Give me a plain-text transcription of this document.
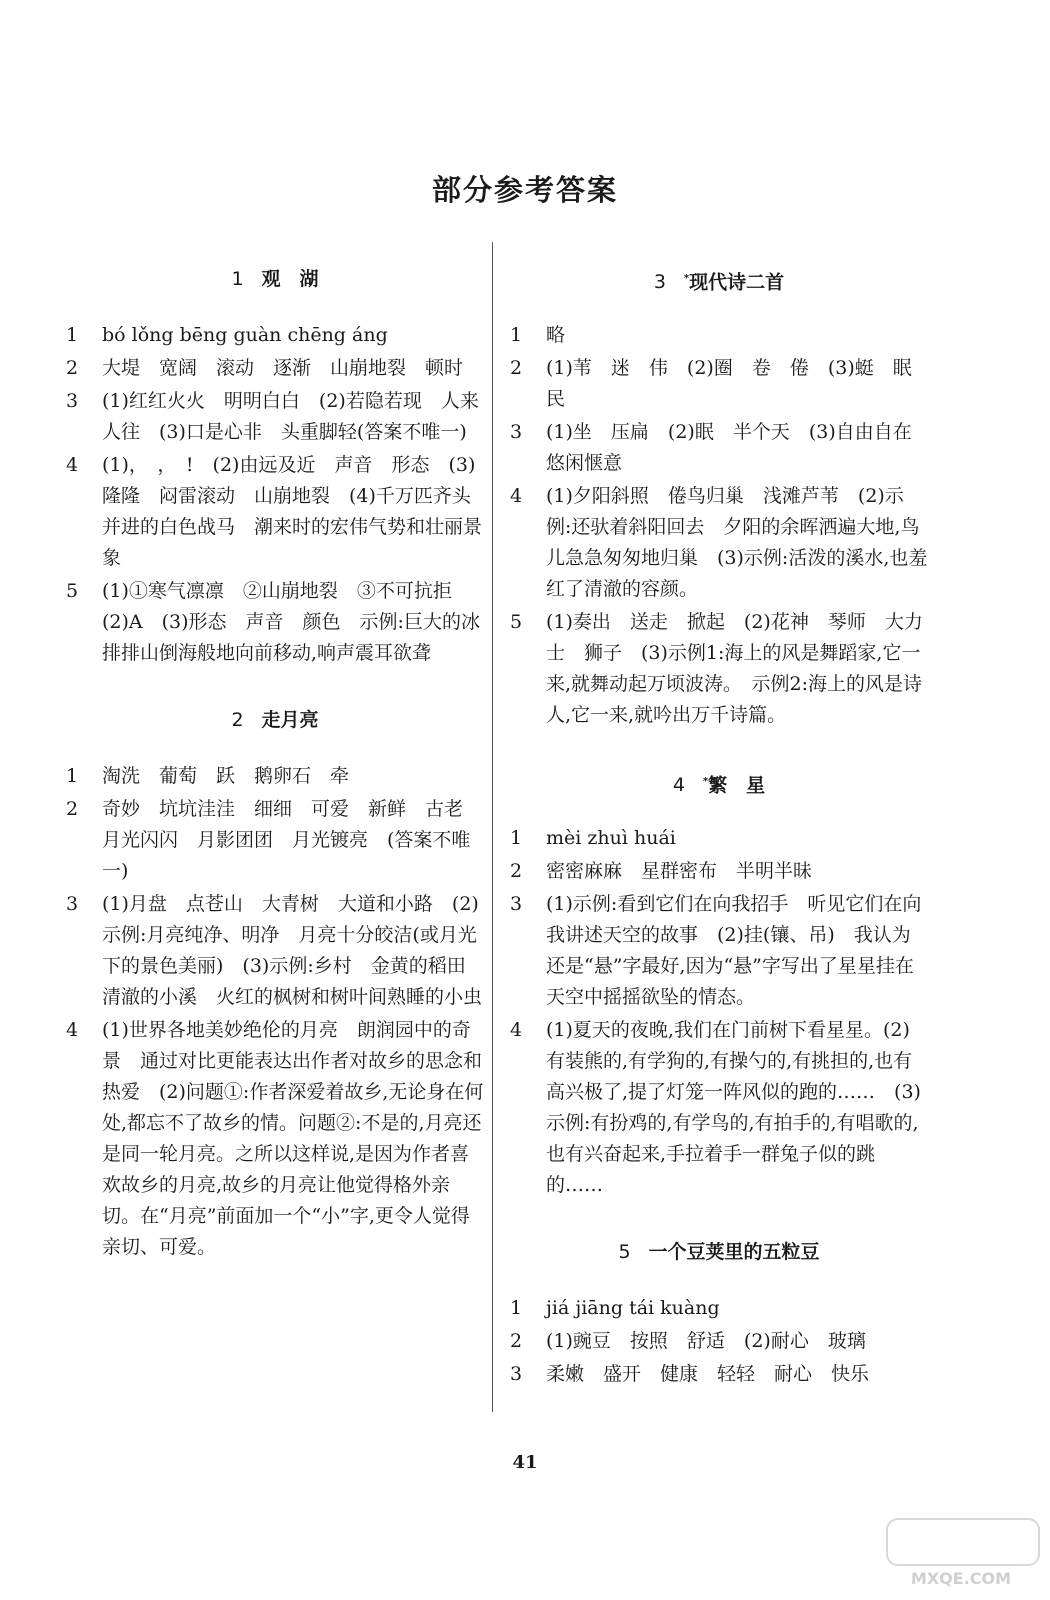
部分参考答案
1 观　湖
1	bó lǒng bēng guàn chēng áng
2	大堤　宽阔　滚动　逐渐　山崩地裂　顿时
3	(1)红红火火　明明白白　(2)若隐若现　人来人往　(3)口是心非　头重脚轻(答案不唯一)
4	(1)，　，　!　(2)由远及近　声音　形态　(3)隆隆　闷雷滚动　山崩地裂　(4)千万匹齐头并进的白色战马　潮来时的宏伟气势和壮丽景象
5	(1)①寒气凛凛　②山崩地裂　③不可抗拒　(2)A　(3)形态　声音　颜色　示例:巨大的冰排排山倒海般地向前移动,响声震耳欲聋
2 走月亮
1	淘洗　葡萄　跃　鹅卵石　牵
2	奇妙　坑坑洼洼　细细　可爱　新鲜　古老　月光闪闪　月影团团　月光镀亮　(答案不唯一)
3	(1)月盘　点苍山　大青树　大道和小路　(2)示例:月亮纯净、明净　月亮十分皎洁(或月光下的景色美丽)　(3)示例:乡村　金黄的稻田　清澈的小溪　火红的枫树和树叶间熟睡的小虫
4	(1)世界各地美妙绝伦的月亮　朗润园中的奇景　通过对比更能表达出作者对故乡的思念和热爱　(2)问题①:作者深爱着故乡,无论身在何处,都忘不了故乡的情。问题②:不是的,月亮还是同一轮月亮。之所以这样说,是因为作者喜欢故乡的月亮,故乡的月亮让他觉得格外亲切。在“月亮”前面加一个“小”字,更令人觉得亲切、可爱。
3 *现代诗二首
1	略
2	(1)苇　迷　伟　(2)圈　卷　倦　(3)蜓　眠　民
3	(1)坐　压扁　(2)眠　半个天　(3)自由自在　悠闲惬意
4	(1)夕阳斜照　倦鸟归巢　浅滩芦苇　(2)示例:还驮着斜阳回去　夕阳的余晖洒遍大地,鸟儿急急匆匆地归巢　(3)示例:活泼的溪水,也羞红了清澈的容颜。
5	(1)奏出　送走　掀起　(2)花神　琴师　大力士　狮子　(3)示例1:海上的风是舞蹈家,它一来,就舞动起万顷波涛。　示例2:海上的风是诗人,它一来,就吟出万千诗篇。
4 *繁　星
1	mèi zhuì huái
2	密密麻麻　星群密布　半明半昧
3	(1)示例:看到它们在向我招手　听见它们在向我讲述天空的故事　(2)挂(镶、吊)　我认为还是“悬”字最好,因为“悬”字写出了星星挂在天空中摇摇欲坠的情态。
4	(1)夏天的夜晚,我们在门前树下看星星。(2)有装熊的,有学狗的,有操勺的,有挑担的,也有高兴极了,提了灯笼一阵风似的跑的……　(3)示例:有扮鸡的,有学鸟的,有拍手的,有唱歌的,也有兴奋起来,手拉着手一群兔子似的跳的……
5 一个豆荚里的五粒豆
1	jiá jiāng tái kuàng
2	(1)豌豆　按照　舒适　(2)耐心　玻璃
3	柔嫩　盛开　健康　轻轻　耐心　快乐
41
MXQE.COM
